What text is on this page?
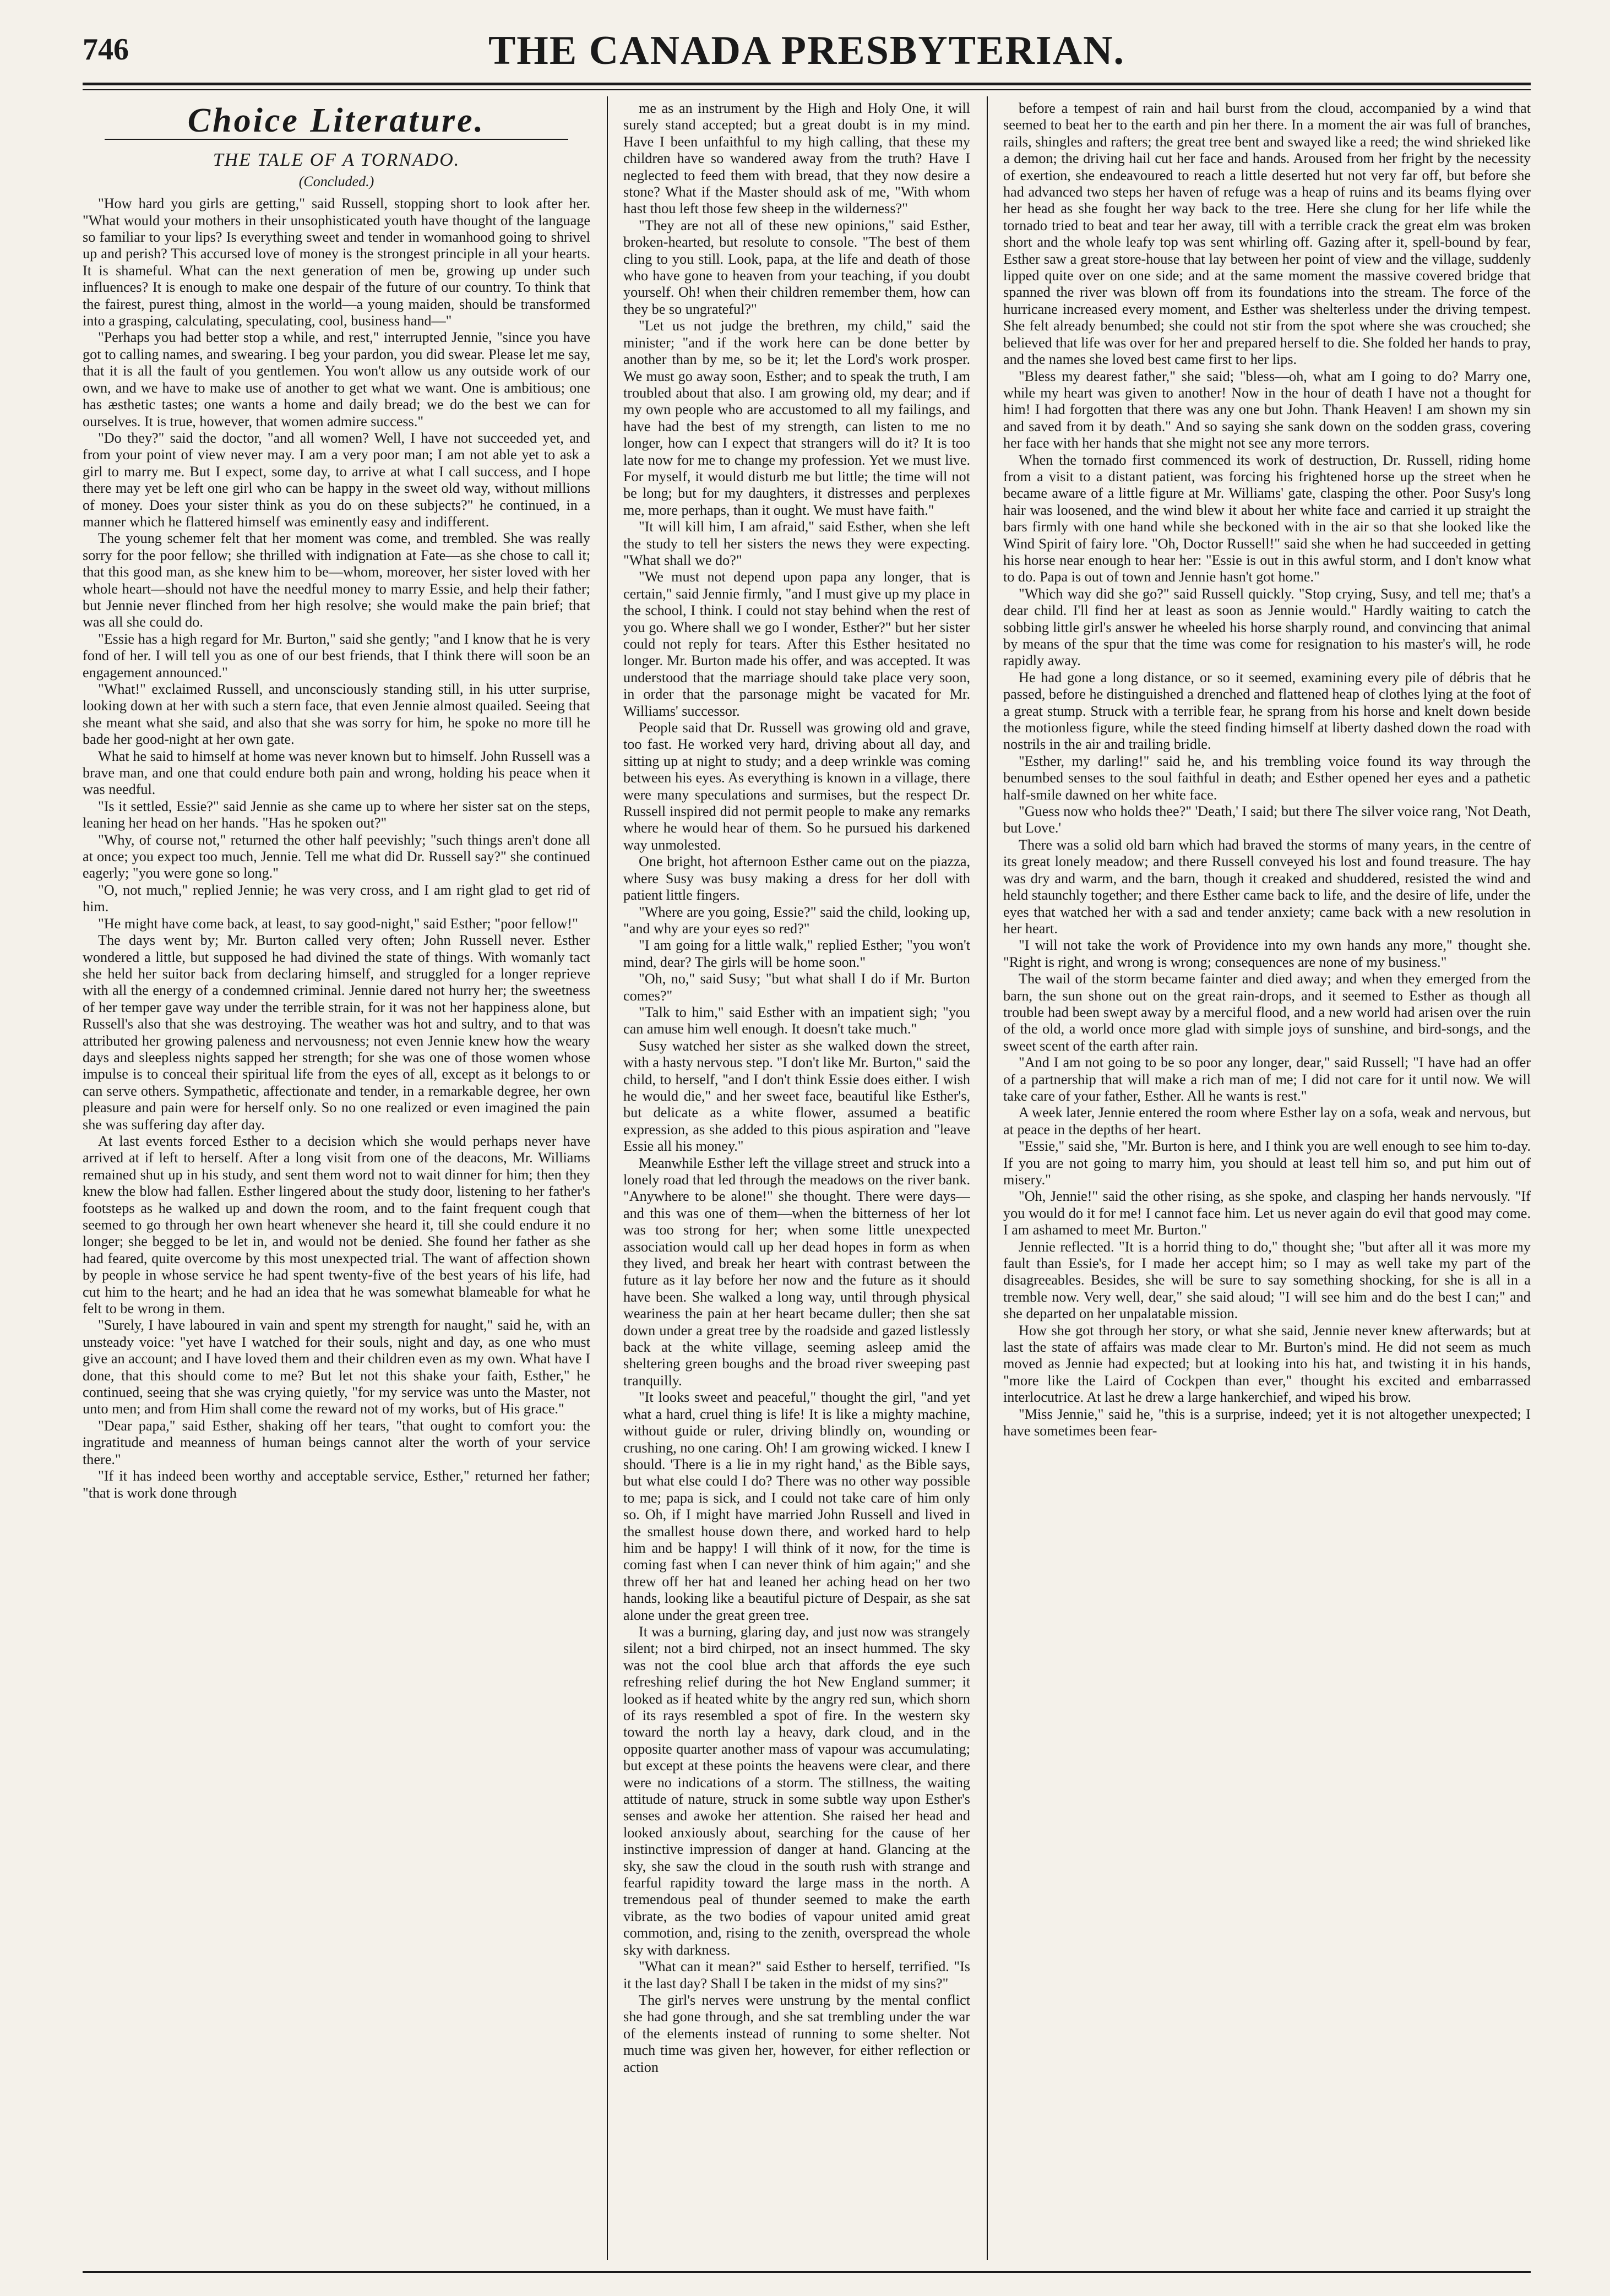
746	THE CANADA PRESBYTERIAN.
Choice Literature.
THE TALE OF A TORNADO.
(Concluded.)

"How hard you girls are getting," said Russell, stopping short to look after her. "What would your mothers in their unsophisticated youth have thought of the language so familiar to your lips? Is everything sweet and tender in womanhood going to shrivel up and perish? This accursed love of money is the strongest principle in all your hearts. It is shameful. What can the next generation of men be, growing up under such influences? It is enough to make one despair of the future of our country. To think that the fairest, purest thing, almost in the world—a young maiden, should be transformed into a grasping, calculating, speculating, cool, business hand—"

"Perhaps you had better stop a while, and rest," interrupted Jennie, "since you have got to calling names, and swearing. I beg your pardon, you did swear. Please let me say, that it is all the fault of you gentlemen. You won't allow us any outside work of our own, and we have to make use of another to get what we want. One is ambitious; one has æsthetic tastes; one wants a home and daily bread; we do the best we can for ourselves. It is true, however, that women admire success."

"Do they?" said the doctor, "and all women? Well, I have not succeeded yet, and from your point of view never may. I am a very poor man; I am not able yet to ask a girl to marry me. But I expect, some day, to arrive at what I call success, and I hope there may yet be left one girl who can be happy in the sweet old way, without millions of money. Does your sister think as you do on these subjects?" he continued, in a manner which he flattered himself was eminently easy and indifferent.

The young schemer felt that her moment was come, and trembled. She was really sorry for the poor fellow; she thrilled with indignation at Fate—as she chose to call it; that this good man, as she knew him to be—whom, moreover, her sister loved with her whole heart—should not have the needful money to marry Essie, and help their father; but Jennie never flinched from her high resolve; she would make the pain brief; that was all she could do.

"Essie has a high regard for Mr. Burton," said she gently; "and I know that he is very fond of her. I will tell you as one of our best friends, that I think there will soon be an engagement announced."

"What!" exclaimed Russell, and unconsciously standing still, in his utter surprise, looking down at her with such a stern face, that even Jennie almost quailed. Seeing that she meant what she said, and also that she was sorry for him, he spoke no more till he bade her good-night at her own gate.

What he said to himself at home was never known but to himself. John Russell was a brave man, and one that could endure both pain and wrong, holding his peace when it was needful.

"Is it settled, Essie?" said Jennie as she came up to where her sister sat on the steps, leaning her head on her hands. "Has he spoken out?"

"Why, of course not," returned the other half peevishly; "such things aren't done all at once; you expect too much, Jennie. Tell me what did Dr. Russell say?" she continued eagerly; "you were gone so long."

"O, not much," replied Jennie; he was very cross, and I am right glad to get rid of him.

"He might have come back, at least, to say good-night," said Esther; "poor fellow!"

The days went by; Mr. Burton called very often; John Russell never. Esther wondered a little, but supposed he had divined the state of things. With womanly tact she held her suitor back from declaring himself, and struggled for a longer reprieve with all the energy of a condemned criminal. Jennie dared not hurry her; the sweetness of her temper gave way under the terrible strain, for it was not her happiness alone, but Russell's also that she was destroying. The weather was hot and sultry, and to that was attributed her growing paleness and nervousness; not even Jennie knew how the weary days and sleepless nights sapped her strength; for she was one of those women whose impulse is to conceal their spiritual life from the eyes of all, except as it belongs to or can serve others. Sympathetic, affectionate and tender, in a remarkable degree, her own pleasure and pain were for herself only. So no one realized or even imagined the pain she was suffering day after day.

At last events forced Esther to a decision which she would perhaps never have arrived at if left to herself. After a long visit from one of the deacons, Mr. Williams remained shut up in his study, and sent them word not to wait dinner for him; then they knew the blow had fallen. Esther lingered about the study door, listening to her father's footsteps as he walked up and down the room, and to the faint frequent cough that seemed to go through her own heart whenever she heard it, till she could endure it no longer; she begged to be let in, and would not be denied. She found her father as she had feared, quite overcome by this most unexpected trial. The want of affection shown by people in whose service he had spent twenty-five of the best years of his life, had cut him to the heart; and he had an idea that he was somewhat blameable for what he felt to be wrong in them.

"Surely, I have laboured in vain and spent my strength for naught," said he, with an unsteady voice: "yet have I watched for their souls, night and day, as one who must give an account; and I have loved them and their children even as my own. What have I done, that this should come to me? But let not this shake your faith, Esther," he continued, seeing that she was crying quietly, "for my service was unto the Master, not unto men; and from Him shall come the reward not of my works, but of His grace."

"Dear papa," said Esther, shaking off her tears, "that ought to comfort you: the ingratitude and meanness of human beings cannot alter the worth of your service there."

"If it has indeed been worthy and acceptable service, Esther," returned her father; "that is work done through

me as an instrument by the High and Holy One, it will surely stand accepted; but a great doubt is in my mind. Have I been unfaithful to my high calling, that these my children have so wandered away from the truth? Have I neglected to feed them with bread, that they now desire a stone? What if the Master should ask of me, "With whom hast thou left those few sheep in the wilderness?"

"They are not all of these new opinions," said Esther, broken-hearted, but resolute to console. "The best of them cling to you still. Look, papa, at the life and death of those who have gone to heaven from your teaching, if you doubt yourself. Oh! when their children remember them, how can they be so ungrateful?"

"Let us not judge the brethren, my child," said the minister; "and if the work here can be done better by another than by me, so be it; let the Lord's work prosper. We must go away soon, Esther; and to speak the truth, I am troubled about that also. I am growing old, my dear; and if my own people who are accustomed to all my failings, and have had the best of my strength, can listen to me no longer, how can I expect that strangers will do it? It is too late now for me to change my profession. Yet we must live. For myself, it would disturb me but little; the time will not be long; but for my daughters, it distresses and perplexes me, more perhaps, than it ought. We must have faith."

"It will kill him, I am afraid," said Esther, when she left the study to tell her sisters the news they were expecting. "What shall we do?"

"We must not depend upon papa any longer, that is certain," said Jennie firmly, "and I must give up my place in the school, I think. I could not stay behind when the rest of you go. Where shall we go I wonder, Esther?" but her sister could not reply for tears. After this Esther hesitated no longer. Mr. Burton made his offer, and was accepted. It was understood that the marriage should take place very soon, in order that the parsonage might be vacated for Mr. Williams' successor.

People said that Dr. Russell was growing old and grave, too fast. He worked very hard, driving about all day, and sitting up at night to study; and a deep wrinkle was coming between his eyes. As everything is known in a village, there were many speculations and surmises, but the respect Dr. Russell inspired did not permit people to make any remarks where he would hear of them. So he pursued his darkened way unmolested.

One bright, hot afternoon Esther came out on the piazza, where Susy was busy making a dress for her doll with patient little fingers.

"Where are you going, Essie?" said the child, looking up, "and why are your eyes so red?"

"I am going for a little walk," replied Esther; "you won't mind, dear? The girls will be home soon."

"Oh, no," said Susy; "but what shall I do if Mr. Burton comes?"

"Talk to him," said Esther with an impatient sigh; "you can amuse him well enough. It doesn't take much."

Susy watched her sister as she walked down the street, with a hasty nervous step. "I don't like Mr. Burton," said the child, to herself, "and I don't think Essie does either. I wish he would die," and her sweet face, beautiful like Esther's, but delicate as a white flower, assumed a beatific expression, as she added to this pious aspiration and "leave Essie all his money."

Meanwhile Esther left the village street and struck into a lonely road that led through the meadows on the river bank. "Anywhere to be alone!" she thought. There were days—and this was one of them—when the bitterness of her lot was too strong for her; when some little unexpected association would call up her dead hopes in form as when they lived, and break her heart with contrast between the future as it lay before her now and the future as it should have been. She walked a long way, until through physical weariness the pain at her heart became duller; then she sat down under a great tree by the roadside and gazed listlessly back at the white village, seeming asleep amid the sheltering green boughs and the broad river sweeping past tranquilly.

"It looks sweet and peaceful," thought the girl, "and yet what a hard, cruel thing is life! It is like a mighty machine, without guide or ruler, driving blindly on, wounding or crushing, no one caring. Oh! I am growing wicked. I knew I should. 'There is a lie in my right hand,' as the Bible says, but what else could I do? There was no other way possible to me; papa is sick, and I could not take care of him only so. Oh, if I might have married John Russell and lived in the smallest house down there, and worked hard to help him and be happy! I will think of it now, for the time is coming fast when I can never think of him again;" and she threw off her hat and leaned her aching head on her two hands, looking like a beautiful picture of Despair, as she sat alone under the great green tree.

It was a burning, glaring day, and just now was strangely silent; not a bird chirped, not an insect hummed. The sky was not the cool blue arch that affords the eye such refreshing relief during the hot New England summer; it looked as if heated white by the angry red sun, which shorn of its rays resembled a spot of fire. In the western sky toward the north lay a heavy, dark cloud, and in the opposite quarter another mass of vapour was accumulating; but except at these points the heavens were clear, and there were no indications of a storm. The stillness, the waiting attitude of nature, struck in some subtle way upon Esther's senses and awoke her attention. She raised her head and looked anxiously about, searching for the cause of her instinctive impression of danger at hand. Glancing at the sky, she saw the cloud in the south rush with strange and fearful rapidity toward the large mass in the north. A tremendous peal of thunder seemed to make the earth vibrate, as the two bodies of vapour united amid great commotion, and, rising to the zenith, overspread the whole sky with darkness.

"What can it mean?" said Esther to herself, terrified. "Is it the last day? Shall I be taken in the midst of my sins?"

The girl's nerves were unstrung by the mental conflict she had gone through, and she sat trembling under the war of the elements instead of running to some shelter. Not much time was given her, however, for either reflection or action

before a tempest of rain and hail burst from the cloud, accompanied by a wind that seemed to beat her to the earth and pin her there. In a moment the air was full of branches, rails, shingles and rafters; the great tree bent and swayed like a reed; the wind shrieked like a demon; the driving hail cut her face and hands. Aroused from her fright by the necessity of exertion, she endeavoured to reach a little deserted hut not very far off, but before she had advanced two steps her haven of refuge was a heap of ruins and its beams flying over her head as she fought her way back to the tree. Here she clung for her life while the tornado tried to beat and tear her away, till with a terrible crack the great elm was broken short and the whole leafy top was sent whirling off. Gazing after it, spell-bound by fear, Esther saw a great store-house that lay between her point of view and the village, suddenly lipped quite over on one side; and at the same moment the massive covered bridge that spanned the river was blown off from its foundations into the stream. The force of the hurricane increased every moment, and Esther was shelterless under the driving tempest. She felt already benumbed; she could not stir from the spot where she was crouched; she believed that life was over for her and prepared herself to die. She folded her hands to pray, and the names she loved best came first to her lips.

"Bless my dearest father," she said; "bless—oh, what am I going to do? Marry one, while my heart was given to another! Now in the hour of death I have not a thought for him! I had forgotten that there was any one but John. Thank Heaven! I am shown my sin and saved from it by death." And so saying she sank down on the sodden grass, covering her face with her hands that she might not see any more terrors.

When the tornado first commenced its work of destruction, Dr. Russell, riding home from a visit to a distant patient, was forcing his frightened horse up the street when he became aware of a little figure at Mr. Williams' gate, clasping the other. Poor Susy's long hair was loosened, and the wind blew it about her white face and carried it up straight the bars firmly with one hand while she beckoned with in the air so that she looked like the Wind Spirit of fairy lore. "Oh, Doctor Russell!" said she when he had succeeded in getting his horse near enough to hear her: "Essie is out in this awful storm, and I don't know what to do. Papa is out of town and Jennie hasn't got home."

"Which way did she go?" said Russell quickly. "Stop crying, Susy, and tell me; that's a dear child. I'll find her at least as soon as Jennie would." Hardly waiting to catch the sobbing little girl's answer he wheeled his horse sharply round, and convincing that animal by means of the spur that the time was come for resignation to his master's will, he rode rapidly away.

He had gone a long distance, or so it seemed, examining every pile of débris that he passed, before he distinguished a drenched and flattened heap of clothes lying at the foot of a great stump. Struck with a terrible fear, he sprang from his horse and knelt down beside the motionless figure, while the steed finding himself at liberty dashed down the road with nostrils in the air and trailing bridle.

"Esther, my darling!" said he, and his trembling voice found its way through the benumbed senses to the soul faithful in death; and Esther opened her eyes and a pathetic half-smile dawned on her white face.

"Guess now who holds thee?" 'Death,' I said; but there The silver voice rang, 'Not Death, but Love.'

There was a solid old barn which had braved the storms of many years, in the centre of its great lonely meadow; and there Russell conveyed his lost and found treasure. The hay was dry and warm, and the barn, though it creaked and shuddered, resisted the wind and held staunchly together; and there Esther came back to life, and the desire of life, under the eyes that watched her with a sad and tender anxiety; came back with a new resolution in her heart.

"I will not take the work of Providence into my own hands any more," thought she. "Right is right, and wrong is wrong; consequences are none of my business."

The wail of the storm became fainter and died away; and when they emerged from the barn, the sun shone out on the great rain-drops, and it seemed to Esther as though all trouble had been swept away by a merciful flood, and a new world had arisen over the ruin of the old, a world once more glad with simple joys of sunshine, and bird-songs, and the sweet scent of the earth after rain.

"And I am not going to be so poor any longer, dear," said Russell; "I have had an offer of a partnership that will make a rich man of me; I did not care for it until now. We will take care of your father, Esther. All he wants is rest."

A week later, Jennie entered the room where Esther lay on a sofa, weak and nervous, but at peace in the depths of her heart.

"Essie," said she, "Mr. Burton is here, and I think you are well enough to see him to-day. If you are not going to marry him, you should at least tell him so, and put him out of misery."

"Oh, Jennie!" said the other rising, as she spoke, and clasping her hands nervously. "If you would do it for me! I cannot face him. Let us never again do evil that good may come. I am ashamed to meet Mr. Burton."

Jennie reflected. "It is a horrid thing to do," thought she; "but after all it was more my fault than Essie's, for I made her accept him; so I may as well take my part of the disagreeables. Besides, she will be sure to say something shocking, for she is all in a tremble now. Very well, dear," she said aloud; "I will see him and do the best I can;" and she departed on her unpalatable mission.

How she got through her story, or what she said, Jennie never knew afterwards; but at last the state of affairs was made clear to Mr. Burton's mind. He did not seem as much moved as Jennie had expected; but at looking into his hat, and twisting it in his hands, "more like the Laird of Cockpen than ever," thought his excited and embarrassed interlocutrice. At last he drew a large hankerchief, and wiped his brow.

"Miss Jennie," said he, "this is a surprise, indeed; yet it is not altogether unexpected; I have sometimes been fear-
